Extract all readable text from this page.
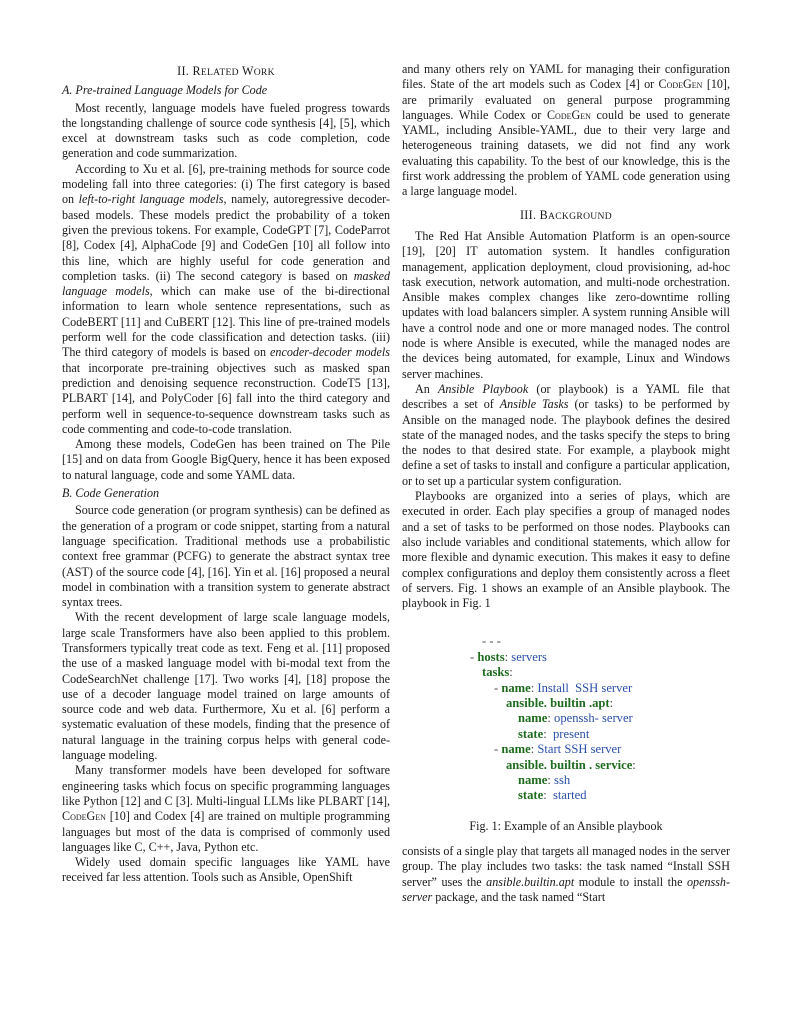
II. RELATED WORK
A. Pre-trained Language Models for Code

Most recently, language models have fueled progress towards the longstanding challenge of source code synthesis [4], [5], which excel at downstream tasks such as code completion, code generation and code summarization.

According to Xu et al. [6], pre-training methods for source code modeling fall into three categories: (i) The first category is based on left-to-right language models, namely, autoregressive decoder-based models. These models predict the probability of a token given the previous tokens. For example, CodeGPT [7], CodeParrot [8], Codex [4], AlphaCode [9] and CodeGen [10] all follow into this line, which are highly useful for code generation and completion tasks. (ii) The second category is based on masked language models, which can make use of the bi-directional information to learn whole sentence representations, such as CodeBERT [11] and CuBERT [12]. This line of pre-trained models perform well for the code classification and detection tasks. (iii) The third category of models is based on encoder-decoder models that incorporate pre-training objectives such as masked span prediction and denoising sequence reconstruction. CodeT5 [13], PLBART [14], and PolyCoder [6] fall into the third category and perform well in sequence-to-sequence downstream tasks such as code commenting and code-to-code translation.

Among these models, CodeGen has been trained on The Pile [15] and on data from Google BigQuery, hence it has been exposed to natural language, code and some YAML data.

B. Code Generation

Source code generation (or program synthesis) can be defined as the generation of a program or code snippet, starting from a natural language specification. Traditional methods use a probabilistic context free grammar (PCFG) to generate the abstract syntax tree (AST) of the source code [4], [16]. Yin et al. [16] proposed a neural model in combination with a transition system to generate abstract syntax trees.

With the recent development of large scale language models, large scale Transformers have also been applied to this problem. Transformers typically treat code as text. Feng et al. [11] proposed the use of a masked language model with bi-modal text from the CodeSearchNet challenge [17]. Two works [4], [18] propose the use of a decoder language model trained on large amounts of source code and web data. Furthermore, Xu et al. [6] perform a systematic evaluation of these models, finding that the presence of natural language in the training corpus helps with general code-language modeling.

Many transformer models have been developed for software engineering tasks which focus on specific programming languages like Python [12] and C [3]. Multi-lingual LLMs like PLBART [14], CodeGen [10] and Codex [4] are trained on multiple programming languages but most of the data is comprised of commonly used languages like C, C++, Java, Python etc.

Widely used domain specific languages like YAML have received far less attention. Tools such as Ansible, OpenShift

and many others rely on YAML for managing their configuration files. State of the art models such as Codex [4] or CodeGen [10], are primarily evaluated on general purpose programming languages. While Codex or CodeGen could be used to generate YAML, including Ansible-YAML, due to their very large and heterogeneous training datasets, we did not find any work evaluating this capability. To the best of our knowledge, this is the first work addressing the problem of YAML code generation using a large language model.

III. BACKGROUND

The Red Hat Ansible Automation Platform is an open-source [19], [20] IT automation system. It handles configuration management, application deployment, cloud provisioning, ad-hoc task execution, network automation, and multi-node orchestration. Ansible makes complex changes like zero-downtime rolling updates with load balancers simpler. A system running Ansible will have a control node and one or more managed nodes. The control node is where Ansible is executed, while the managed nodes are the devices being automated, for example, Linux and Windows server machines.

An Ansible Playbook (or playbook) is a YAML file that describes a set of Ansible Tasks (or tasks) to be performed by Ansible on the managed node. The playbook defines the desired state of the managed nodes, and the tasks specify the steps to bring the nodes to that desired state. For example, a playbook might define a set of tasks to install and configure a particular application, or to set up a particular system configuration.

Playbooks are organized into a series of plays, which are executed in order. Each play specifies a group of managed nodes and a set of tasks to be performed on those nodes. Playbooks can also include variables and conditional statements, which allow for more flexible and dynamic execution. This makes it easy to define complex configurations and deploy them consistently across a fleet of servers. Fig. 1 shows an example of an Ansible playbook. The playbook in Fig. 1

- - -
- hosts: servers
tasks:
- name: Install  SSH server
ansible. builtin .apt:
name: openssh- server
state:  present
- name: Start SSH server
ansible. builtin . service:
name: ssh
state:  started
Fig. 1: Example of an Ansible playbook

consists of a single play that targets all managed nodes in the server group. The play includes two tasks: the task named “Install SSH server” uses the ansible.builtin.apt module to install the openssh-server package, and the task named “Start
